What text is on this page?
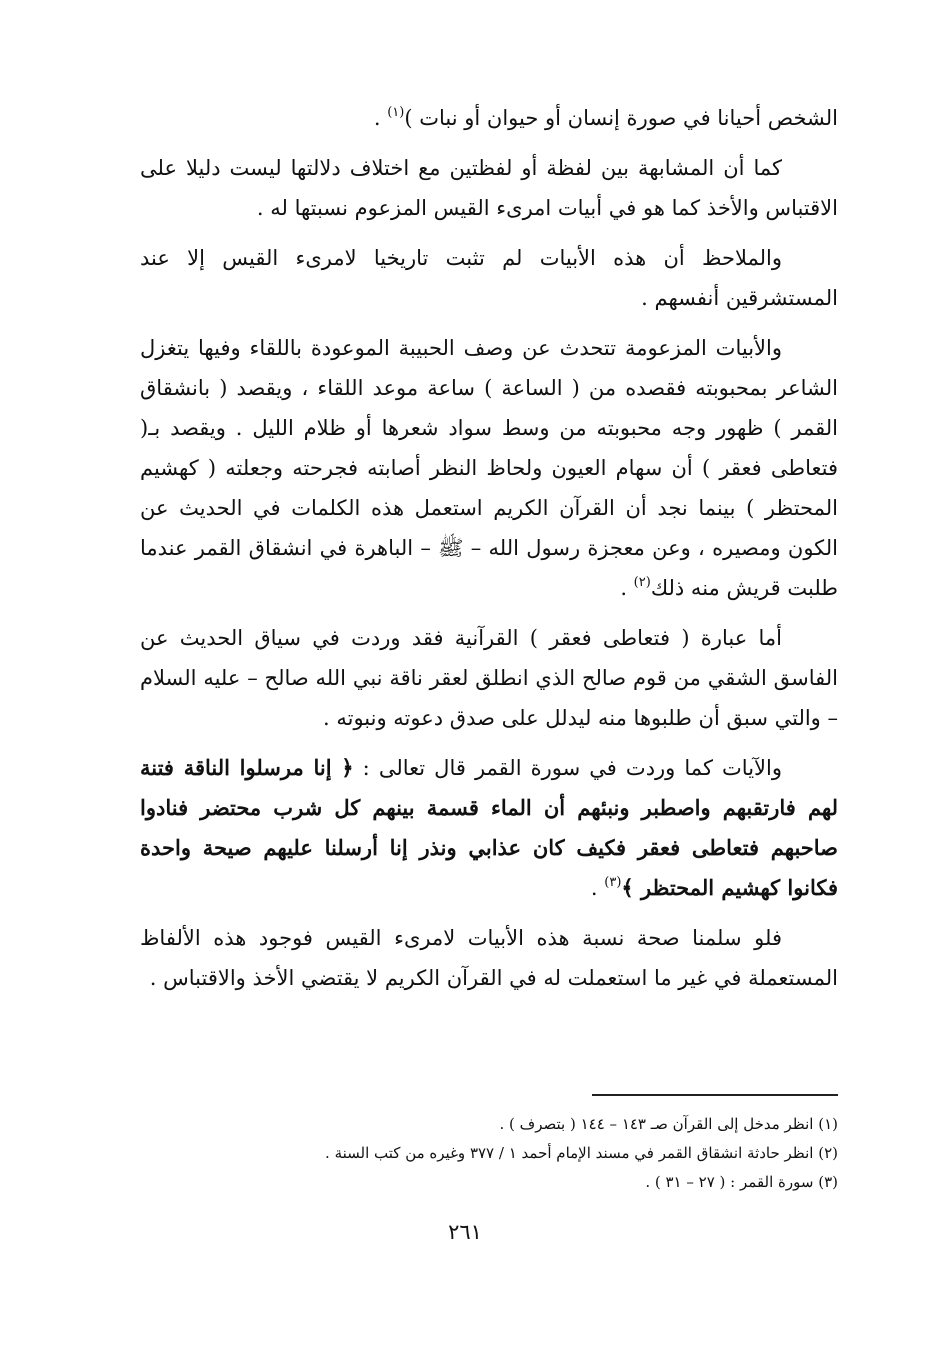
الشخص أحيانا في صورة إنسان أو حيوان أو نبات )$^{(١)}$ .

كما أن المشابهة بين لفظة أو لفظتين مع اختلاف دلالتها ليست دليلا على الاقتباس والأخذ كما هو في أبيات امرىء القيس المزعوم نسبتها له .

والملاحظ أن هذه الأبيات لم تثبت تاريخيا لامرىء القيس إلا عند المستشرقين أنفسهم .

والأبيات المزعومة تتحدث عن وصف الحبيبة الموعودة باللقاء وفيها يتغزل الشاعر بمحبوبته فقصده من ( الساعة ) ساعة موعد اللقاء ، ويقصد ( بانشقاق القمر ) ظهور وجه محبوبته من وسط سواد شعرها أو ظلام الليل . ويقصد بـ( فتعاطى فعقر ) أن سهام العيون ولحاظ النظر أصابته فجرحته وجعلته ( كهشيم المحتظر ) بينما نجد أن القرآن الكريم استعمل هذه الكلمات في الحديث عن الكون ومصيره ، وعن معجزة رسول الله – ﷺ – الباهرة في انشقاق القمر عندما طلبت قريش منه ذلك$^{(٢)}$ .

أما عبارة ( فتعاطى فعقر ) القرآنية فقد وردت في سياق الحديث عن الفاسق الشقي من قوم صالح الذي انطلق لعقر ناقة نبي الله صالح – عليه السلام – والتي سبق أن طلبوها منه ليدلل على صدق دعوته ونبوته .

والآيات كما وردت في سورة القمر قال تعالى : ﴿ إنا مرسلوا الناقة فتنة لهم فارتقبهم واصطبر ونبئهم أن الماء قسمة بينهم كل شرب محتضر فنادوا صاحبهم فتعاطى فعقر فكيف كان عذابي ونذر إنا أرسلنا عليهم صيحة واحدة فكانوا كهشيم المحتظر ﴾$^{(٣)}$ .

فلو سلمنا صحة نسبة هذه الأبيات لامرىء القيس فوجود هذه الألفاظ المستعملة في غير ما استعملت له في القرآن الكريم لا يقتضي الأخذ والاقتباس .

(١) انظر مدخل إلى القرآن صـ ١٤٣ – ١٤٤ ( بتصرف ) .

(٢) انظر حادثة انشقاق القمر في مسند الإمام أحمد ١ / ٣٧٧ وغيره من كتب السنة .

(٣) سورة القمر : ( ٢٧ – ٣١ ) .

٢٦١
